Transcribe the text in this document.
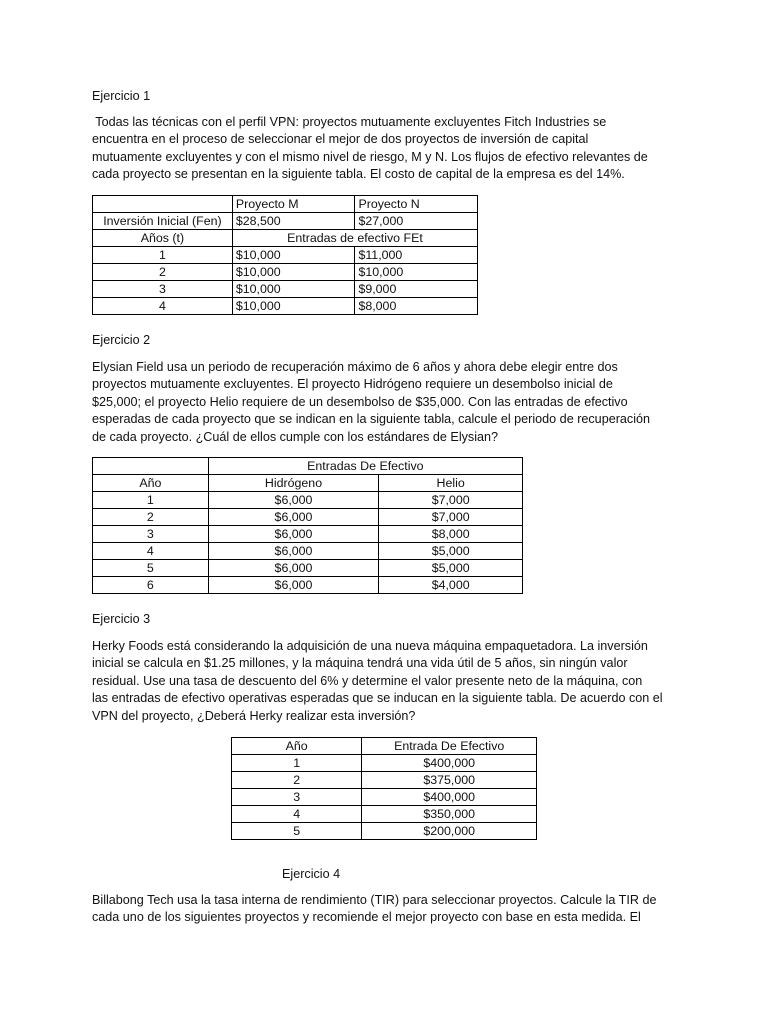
Ejercicio 1
Todas las técnicas con el perfil VPN: proyectos mutuamente excluyentes Fitch Industries se
encuentra en el proceso de seleccionar el mejor de dos proyectos de inversión de capital
mutuamente excluyentes y con el mismo nivel de riesgo, M y N. Los flujos de efectivo relevantes de
cada proyecto se presentan en la siguiente tabla. El costo de capital de la empresa es del 14%.
	Proyecto M	Proyecto N
Inversión Inicial (Fen)	$28,500	$27,000
Años (t)	Entradas de efectivo FEt	
1	$10,000	$11,000
2	$10,000	$10,000
3	$10,000	$9,000
4	$10,000	$8,000
Ejercicio 2
Elysian Field usa un periodo de recuperación máximo de 6 años y ahora debe elegir entre dos
proyectos mutuamente excluyentes. El proyecto Hidrógeno requiere un desembolso inicial de
$25,000; el proyecto Helio requiere de un desembolso de $35,000. Con las entradas de efectivo
esperadas de cada proyecto que se indican en la siguiente tabla, calcule el periodo de recuperación
de cada proyecto. ¿Cuál de ellos cumple con los estándares de Elysian?
	Entradas De Efectivo	
Año	Hidrógeno	Helio
1	$6,000	$7,000
2	$6,000	$7,000
3	$6,000	$8,000
4	$6,000	$5,000
5	$6,000	$5,000
6	$6,000	$4,000
Ejercicio 3
Herky Foods está considerando la adquisición de una nueva máquina empaquetadora. La inversión
inicial se calcula en $1.25 millones, y la máquina tendrá una vida útil de 5 años, sin ningún valor
residual. Use una tasa de descuento del 6% y determine el valor presente neto de la máquina, con
las entradas de efectivo operativas esperadas que se inducan en la siguiente tabla. De acuerdo con el
VPN del proyecto, ¿Deberá Herky realizar esta inversión?
Año	Entrada De Efectivo
1	$400,000
2	$375,000
3	$400,000
4	$350,000
5	$200,000
Ejercicio 4
Billabong Tech usa la tasa interna de rendimiento (TIR) para seleccionar proyectos. Calcule la TIR de
cada uno de los siguientes proyectos y recomiende el mejor proyecto con base en esta medida. El
